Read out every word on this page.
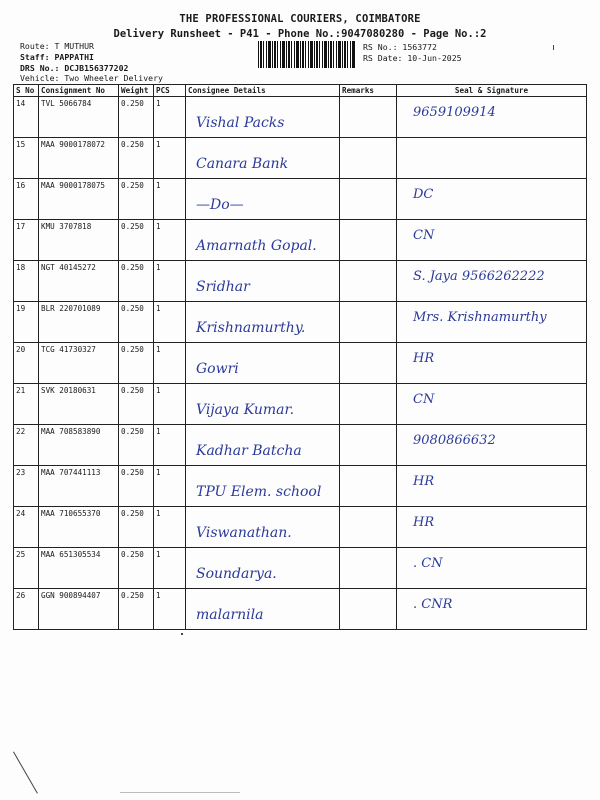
THE PROFESSIONAL COURIERS, COIMBATORE
Delivery Runsheet - P41 - Phone No.:9047080280 - Page No.:2
Route: T MUTHUR
Staff: PAPPATHI
DRS No.: DCJB156377202
Vehicle: Two Wheeler Delivery
RS No.: 1563772
RS Date: 10-Jun-2025
S No	Consignment No	Weight	PCS	Consignee Details	Remarks	Seal & Signature
14	TVL 5066784	0.250	1	Vishal Packs		9659109914

15	MAA 9000178072	0.250	1	Canara Bank		

16	MAA 9000178075	0.250	1	—Do—		DC

17	KMU 3707818	0.250	1	Amarnath Gopal.		CN

18	NGT 40145272	0.250	1	Sridhar		S. Jaya 9566262222

19	BLR 220701089	0.250	1	Krishnamurthy.		Mrs. Krishnamurthy

20	TCG 41730327	0.250	1	Gowri		HR

21	SVK 20180631	0.250	1	Vijaya Kumar.		CN

22	MAA 708583890	0.250	1	Kadhar Batcha		9080866632

23	MAA 707441113	0.250	1	TPU Elem. school		HR

24	MAA 710655370	0.250	1	Viswanathan.		HR

25	MAA 651305534	0.250	1	Soundarya.		. CN

26	GGN 900894407	0.250	1	malarnila		. CNR
